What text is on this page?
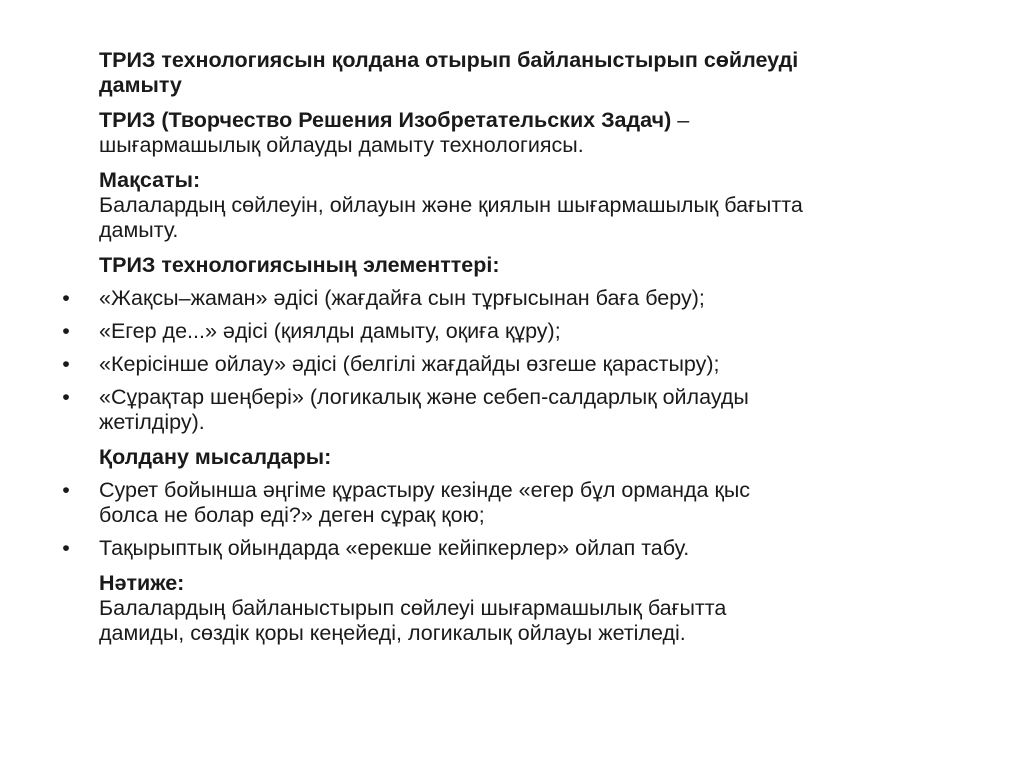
ТРИЗ технологиясын қолдана отырып байланыстырып сөйлеуді
дамыту
ТРИЗ (Творчество Решения Изобретательских Задач) –
шығармашылық ойлауды дамыту технологиясы.
Мақсаты:
Балалардың сөйлеуін, ойлауын және қиялын шығармашылық бағытта
дамыту.
ТРИЗ технологиясының элементтері:
• «Жақсы–жаман» әдісі (жағдайға сын тұрғысынан баға беру);
• «Егер де...» әдісі (қиялды дамыту, оқиға құру);
• «Керісінше ойлау» әдісі (белгілі жағдайды өзгеше қарастыру);
• «Сұрақтар шеңбері» (логикалық және себеп-салдарлық ойлауды
жетілдіру).
Қолдану мысалдары:
• Сурет бойынша әңгіме құрастыру кезінде «егер бұл орманда қыс
болса не болар еді?» деген сұрақ қою;
• Тақырыптық ойындарда «ерекше кейіпкерлер» ойлап табу.
Нәтиже:
Балалардың байланыстырып сөйлеуі шығармашылық бағытта
дамиды, сөздік қоры кеңейеді, логикалық ойлауы жетіледі.
